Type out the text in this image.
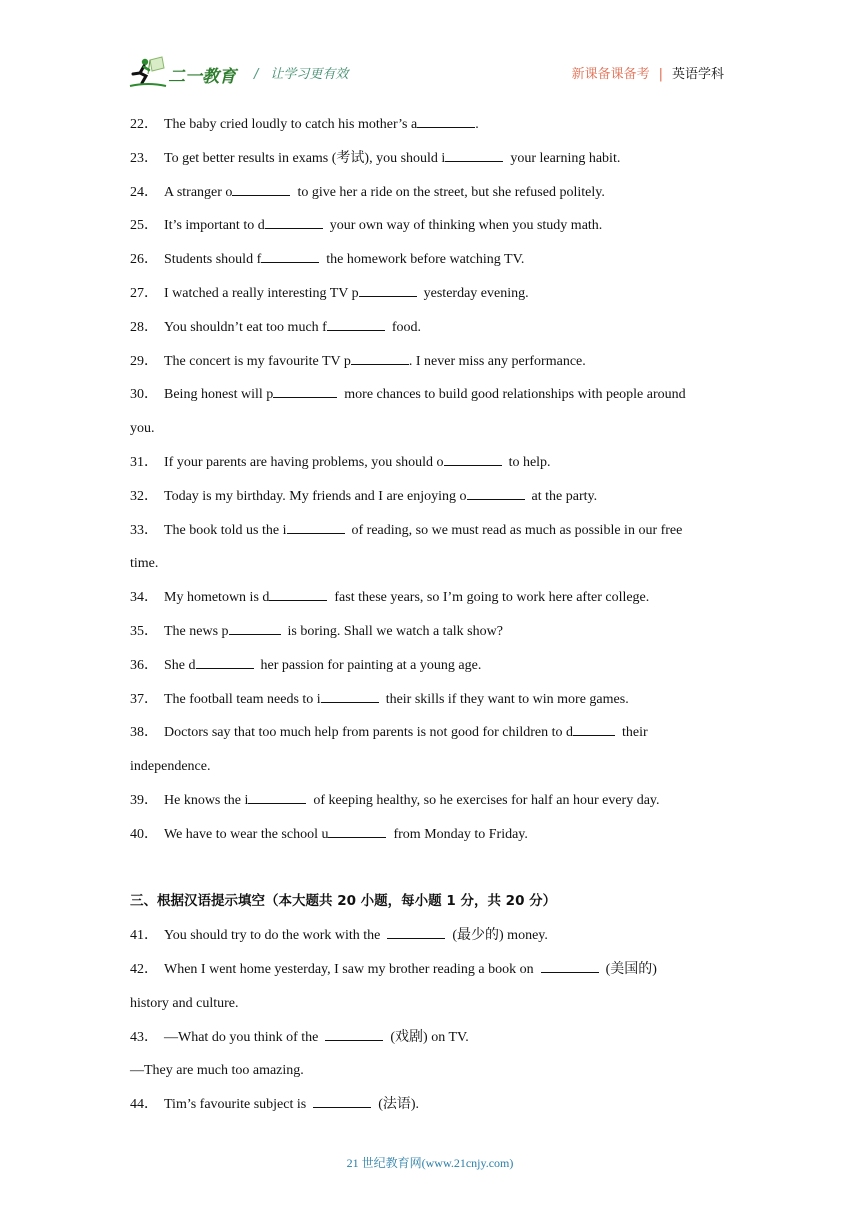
二一教育 / 让学习更有效	新课备课备考 | 英语学科
22． The baby cried loudly to catch his mother’s a	.
23． To get better results in exams (考试), you should i	your learning habit.
24． A stranger o	to give her a ride on the street, but she refused politely.
25． It’s important to d	your own way of thinking when you study math.
26． Students should f	the homework before watching TV.
27． I watched a really interesting TV p	yesterday evening.
28． You shouldn’t eat too much f	food.
29． The concert is my favourite TV p	. I never miss any performance.
30． Being honest will p	more chances to build good relationships with people around
you.
31． If your parents are having problems, you should o	to help.
32． Today is my birthday. My friends and I are enjoying o	at the party.
33． The book told us the i	of reading, so we must read as much as possible in our free
time.
34． My hometown is d	fast these years, so I’m going to work here after college.
35． The news p	is boring. Shall we watch a talk show?
36． She d	her passion for painting at a young age.
37． The football team needs to i	their skills if they want to win more games.
38． Doctors say that too much help from parents is not good for children to d	their
independence.
39． He knows the i	of keeping healthy, so he exercises for half an hour every day.
40． We have to wear the school u	from Monday to Friday.
三、根据汉语提示填空（本大题共 20 小题，每小题 1 分，共 20 分）
41． You should try to do the work with the	(最少的) money.
42． When I went home yesterday, I saw my brother reading a book on	(美国的)
history and culture.
43． —What do you think of the	(戏剧) on TV.
—They are much too amazing.
44． Tim’s favourite subject is	(法语).
21 世纪教育网(www.21cnjy.com)
